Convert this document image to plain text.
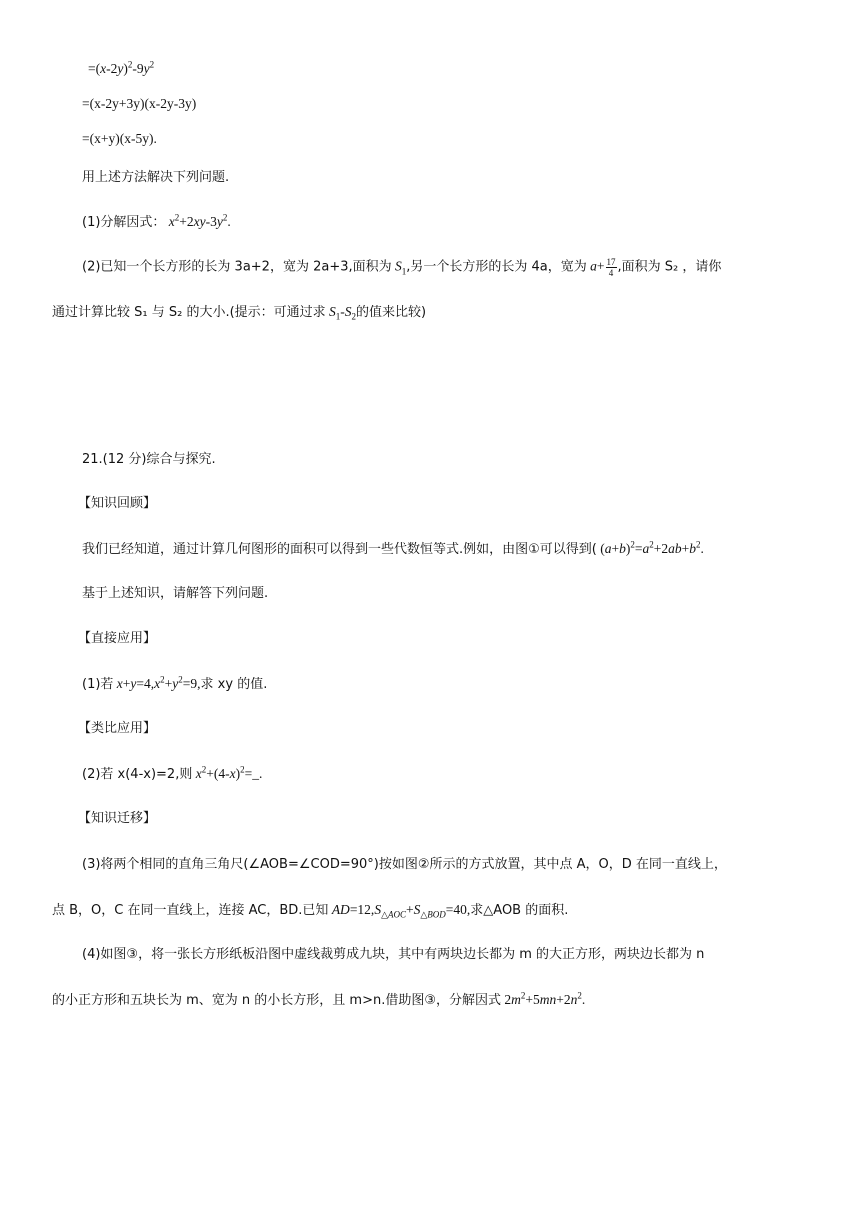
$=(x-2y)^2-9y^2$
=(x-2y+3y)(x-2y-3y)
=(x+y)(x-5y).
用上述方法解决下列问题.
(1)分解因式： $x^2+2xy-3y^2$.
(2)已知一个长方形的长为 3a+2，宽为 2a+3,面积为 $S_1$,另一个长方形的长为 4a，宽为 $a+ \frac{17}{4}$ ,面积为 S₂ ，请你
通过计算比较 S₁ 与 S₂ 的大小.(提示：可通过求 $S_1-S_2$的值来比较)
21.(12 分)综合与探究.
【知识回顾】
我们已经知道，通过计算几何图形的面积可以得到一些代数恒等式.例如，由图①可以得到( $(a+b)^2=a^2+2ab+b^2$.
基于上述知识，请解答下列问题.
【直接应用】
(1)若 $x+y=4,x^2+y^2=9$,求 xy 的值.
【类比应用】
(2)若 x(4-x)=2,则 $x^2+(4-x)^2=\_$.
【知识迁移】
(3)将两个相同的直角三角尺(∠AOB=∠COD=90°)按如图②所示的方式放置，其中点 A，O，D 在同一直线上，
点 B，O，C 在同一直线上，连接 AC，BD.已知 $AD=12,S_{\triangle AOC}+S_{\triangle BOD}=40$,求△AOB 的面积.
(4)如图③，将一张长方形纸板沿图中虚线裁剪成九块，其中有两块边长都为 m 的大正方形，两块边长都为 n
的小正方形和五块长为 m、宽为 n 的小长方形，且 m>n.借助图③，分解因式 $2m^2+5mn+2n^2$.
